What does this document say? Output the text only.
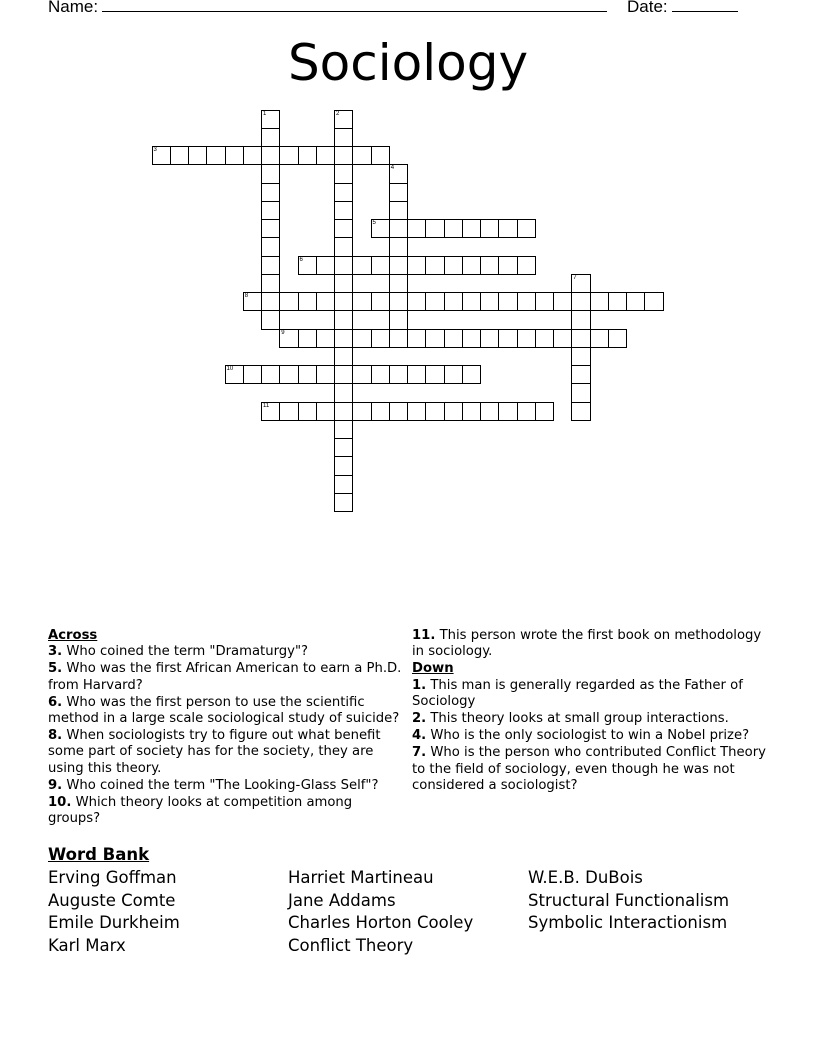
Name:	Date:
Sociology
1	2
3
4
5
6
7
8
9
10
11
Across
3. Who coined the term "Dramaturgy"?
5. Who was the first African American to earn a Ph.D. from Harvard?
6. Who was the first person to use the scientific method in a large scale sociological study of suicide?
8. When sociologists try to figure out what benefit some part of society has for the society, they are using this theory.
9. Who coined the term "The Looking-Glass Self"?
10. Which theory looks at competition among groups?
11. This person wrote the first book on methodology in sociology.
Down
1. This man is generally regarded as the Father of Sociology
2. This theory looks at small group interactions.
4. Who is the only sociologist to win a Nobel prize?
7. Who is the person who contributed Conflict Theory to the field of sociology, even though he was not considered a sociologist?
Word Bank
Erving Goffman
Auguste Comte
Emile Durkheim
Karl Marx
Harriet Martineau
Jane Addams
Charles Horton Cooley
Conflict Theory
W.E.B. DuBois
Structural Functionalism
Symbolic Interactionism
